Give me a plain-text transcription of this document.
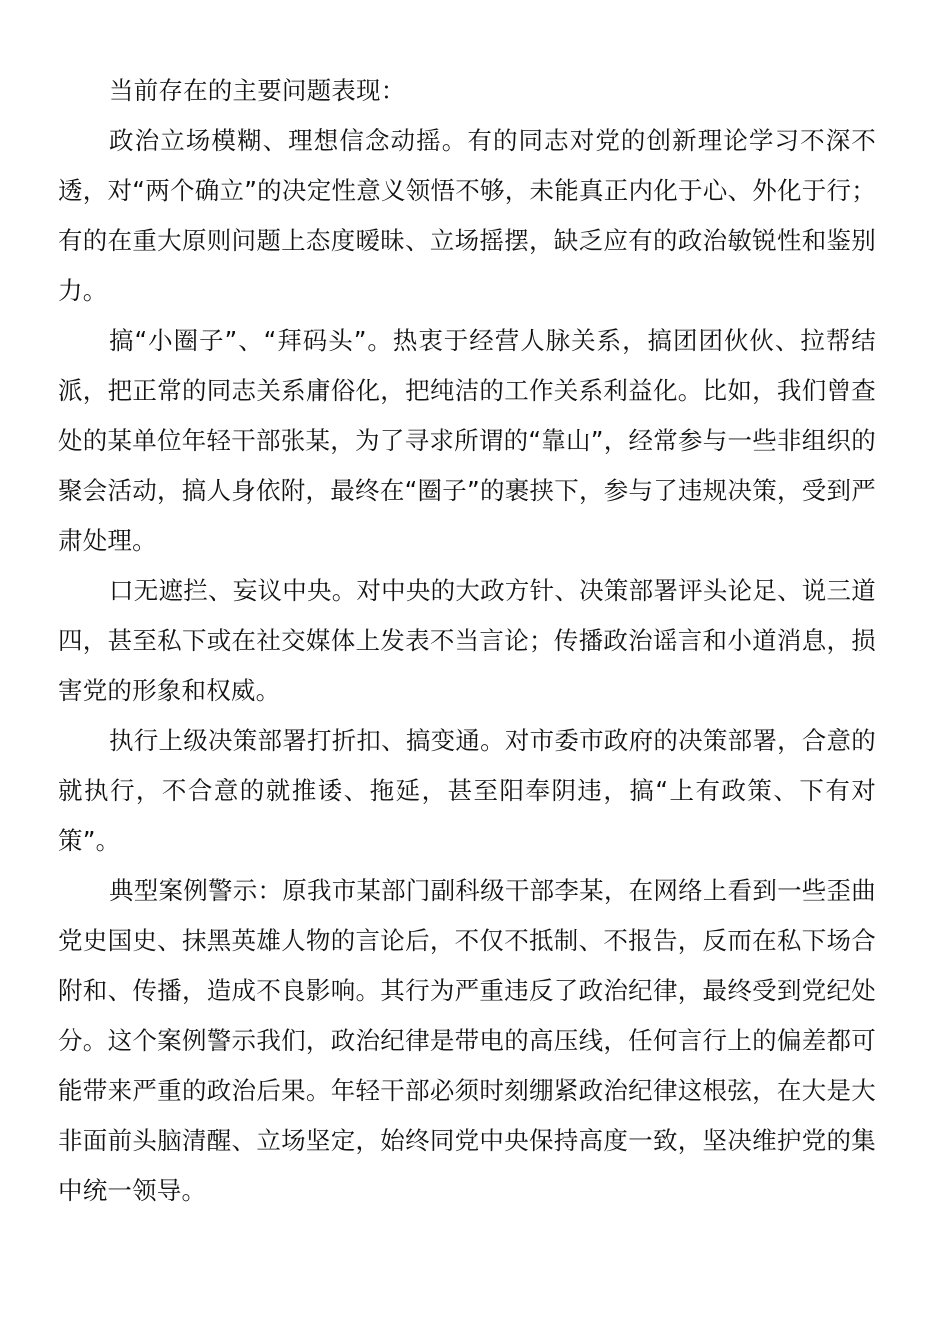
当前存在的主要问题表现：

政治立场模糊、理想信念动摇。有的同志对党的创新理论学习不深不透，对“两个确立”的决定性意义领悟不够，未能真正内化于心、外化于行；有的在重大原则问题上态度暧昧、立场摇摆，缺乏应有的政治敏锐性和鉴别力。

搞“小圈子”、“拜码头”。热衷于经营人脉关系，搞团团伙伙、拉帮结派，把正常的同志关系庸俗化，把纯洁的工作关系利益化。比如，我们曾查处的某单位年轻干部张某，为了寻求所谓的“靠山”，经常参与一些非组织的聚会活动，搞人身依附，最终在“圈子”的裹挟下，参与了违规决策，受到严肃处理。

口无遮拦、妄议中央。对中央的大政方针、决策部署评头论足、说三道四，甚至私下或在社交媒体上发表不当言论；传播政治谣言和小道消息，损害党的形象和权威。

执行上级决策部署打折扣、搞变通。对市委市政府的决策部署，合意的就执行，不合意的就推诿、拖延，甚至阳奉阴违，搞“上有政策、下有对策”。

典型案例警示：原我市某部门副科级干部李某，在网络上看到一些歪曲党史国史、抹黑英雄人物的言论后，不仅不抵制、不报告，反而在私下场合附和、传播，造成不良影响。其行为严重违反了政治纪律，最终受到党纪处分。这个案例警示我们，政治纪律是带电的高压线，任何言行上的偏差都可能带来严重的政治后果。年轻干部必须时刻绷紧政治纪律这根弦，在大是大非面前头脑清醒、立场坚定，始终同党中央保持高度一致，坚决维护党的集中统一领导。
